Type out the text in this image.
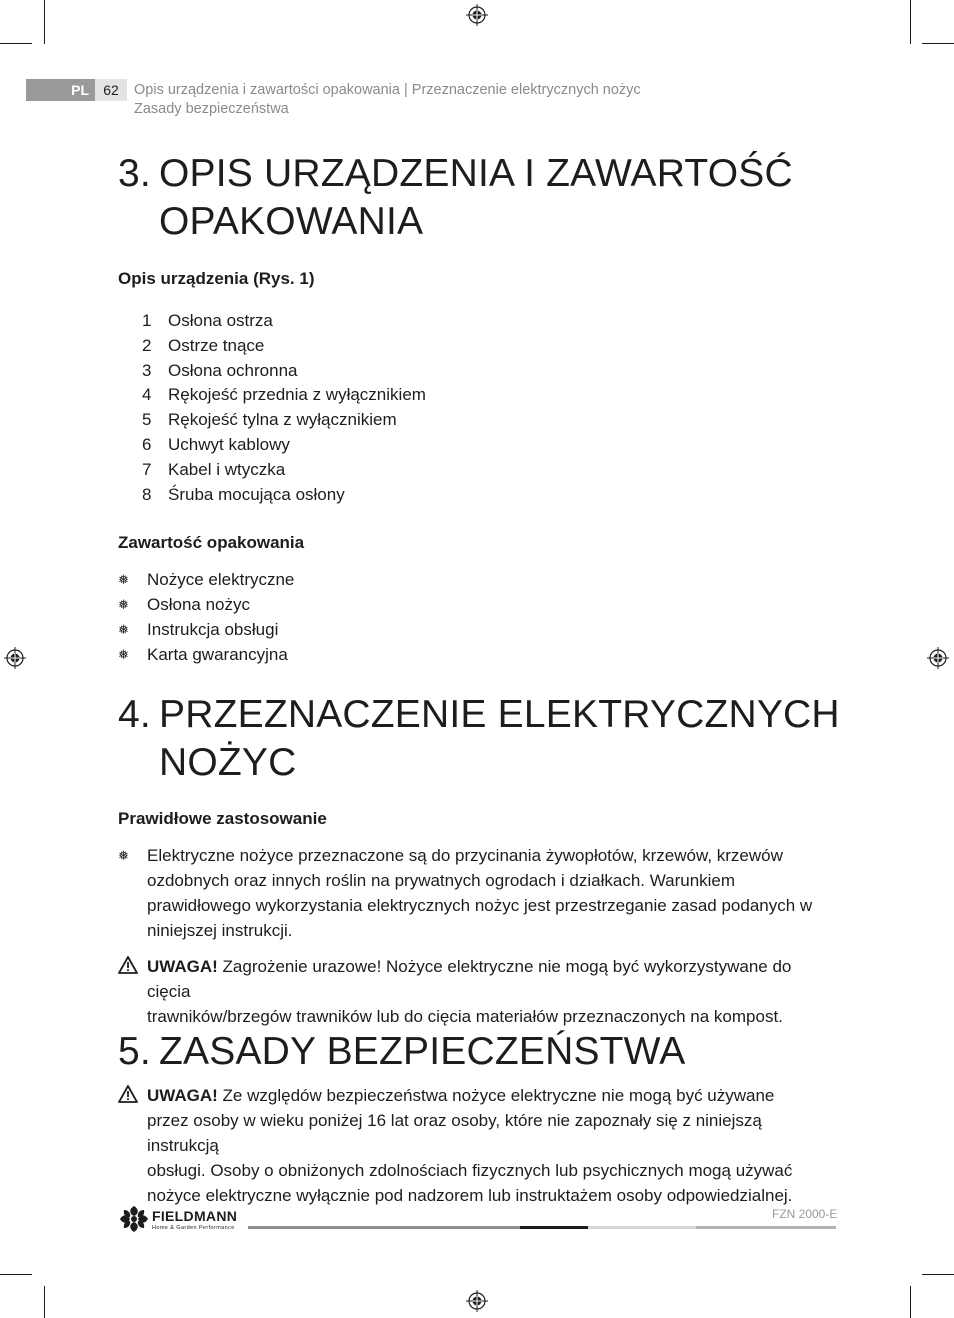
PL	62	Opis urządzenia i zawartości opakowania | Przeznaczenie elektrycznych nożyc
Zasady bezpieczeństwa
3. OPIS URZĄDZENIA I ZAWARTOŚĆ
OPAKOWANIA
Opis urządzenia (Rys. 1)
1 Osłona ostrza
2 Ostrze tnące
3 Osłona ochronna
4 Rękojeść przednia z wyłącznikiem
5 Rękojeść tylna z wyłącznikiem
6 Uchwyt kablowy
7 Kabel i wtyczka
8 Śruba mocująca osłony
Zawartość opakowania
❅	Nożyce elektryczne
❅	Osłona nożyc
❅	Instrukcja obsługi
❅	Karta gwarancyjna
4. PRZEZNACZENIE ELEKTRYCZNYCH
NOŻYC
Prawidłowe zastosowanie
❅ Elektryczne nożyce przeznaczone są do przycinania żywopłotów, krzewów, krzewów
ozdobnych oraz innych roślin na prywatnych ogrodach i działkach. Warunkiem
prawidłowego wykorzystania elektrycznych nożyc jest przestrzeganie zasad podanych w
niniejszej instrukcji.
UWAGA! Zagrożenie urazowe! Nożyce elektryczne nie mogą być wykorzystywane do cięcia
trawników/brzegów trawników lub do cięcia materiałów przeznaczonych na kompost.
5. ZASADY BEZPIECZEŃSTWA
UWAGA! Ze względów bezpieczeństwa nożyce elektryczne nie mogą być używane
przez osoby w wieku poniżej 16 lat oraz osoby, które nie zapoznały się z niniejszą instrukcją
obsługi. Osoby o obniżonych zdolnościach fizycznych lub psychicznych mogą używać
nożyce elektryczne wyłącznie pod nadzorem lub instruktażem osoby odpowiedzialnej.
FIELDMANN
Home & Garden Performance
FZN 2000-E
